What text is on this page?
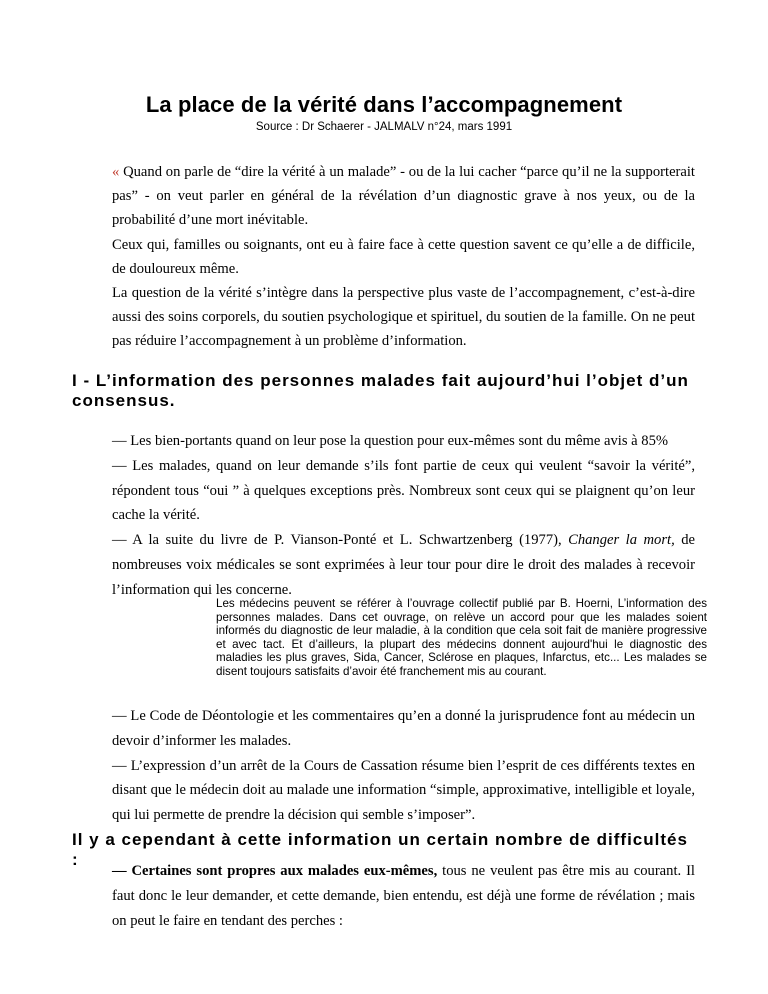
La place de la vérité dans l’accompagnement
Source : Dr Schaerer - JALMALV n°24, mars 1991

« Quand on parle de “dire la vérité à un malade” - ou de la lui cacher “parce qu’il ne la supporterait pas” - on veut parler en général de la révélation d’un diagnostic grave à nos yeux, ou de la probabilité d’une mort inévitable.

Ceux qui, familles ou soignants, ont eu à faire face à cette question savent ce qu’elle a de difficile, de douloureux même.

La question de la vérité s’intègre dans la perspective plus vaste de l’accompagnement, c’est-à-dire aussi des soins corporels, du soutien psychologique et spirituel, du soutien de la famille. On ne peut pas réduire l’accompagnement à un problème d’information.

I - L’information des personnes malades fait aujourd’hui l’objet d’un consensus.

— Les bien-portants quand on leur pose la question pour eux-mêmes sont du même avis à 85%

— Les malades, quand on leur demande s’ils font partie de ceux qui veulent “savoir la vérité”, répondent tous “oui ” à quelques exceptions près. Nombreux sont ceux qui se plaignent qu’on leur cache la vérité.

— A la suite du livre de P. Vianson-Ponté et L. Schwartzenberg (1977), Changer la mort, de nombreuses voix médicales se sont exprimées à leur tour pour dire le droit des malades à recevoir l’information qui les concerne.

Les médecins peuvent se référer à l’ouvrage collectif publié par B. Hoerni, L’information des personnes malades. Dans cet ouvrage, on relève un accord pour que les malades soient informés du diagnostic de leur maladie, à la condition que cela soit fait de manière progressive et avec tact. Et d’ailleurs, la plupart des médecins donnent aujourd'hui le diagnostic des maladies les plus graves, Sida, Cancer, Sclérose en plaques, Infarctus, etc... Les malades se disent toujours satisfaits d’avoir été franchement mis au courant.

— Le Code de Déontologie et les commentaires qu’en a donné la jurisprudence font au médecin un devoir d’informer les malades.

— L’expression d’un arrêt de la Cours de Cassation résume bien l’esprit de ces différents textes en disant que le médecin doit au malade une information “simple, approximative, intelligible et loyale, qui lui permette de prendre la décision qui semble s’imposer”.

Il y a cependant à cette information un certain nombre de difficultés :

— Certaines sont propres aux malades eux-mêmes, tous ne veulent pas être mis au courant. Il faut donc le leur demander, et cette demande, bien entendu, est déjà une forme de révélation ; mais on peut le faire en tendant des perches :
